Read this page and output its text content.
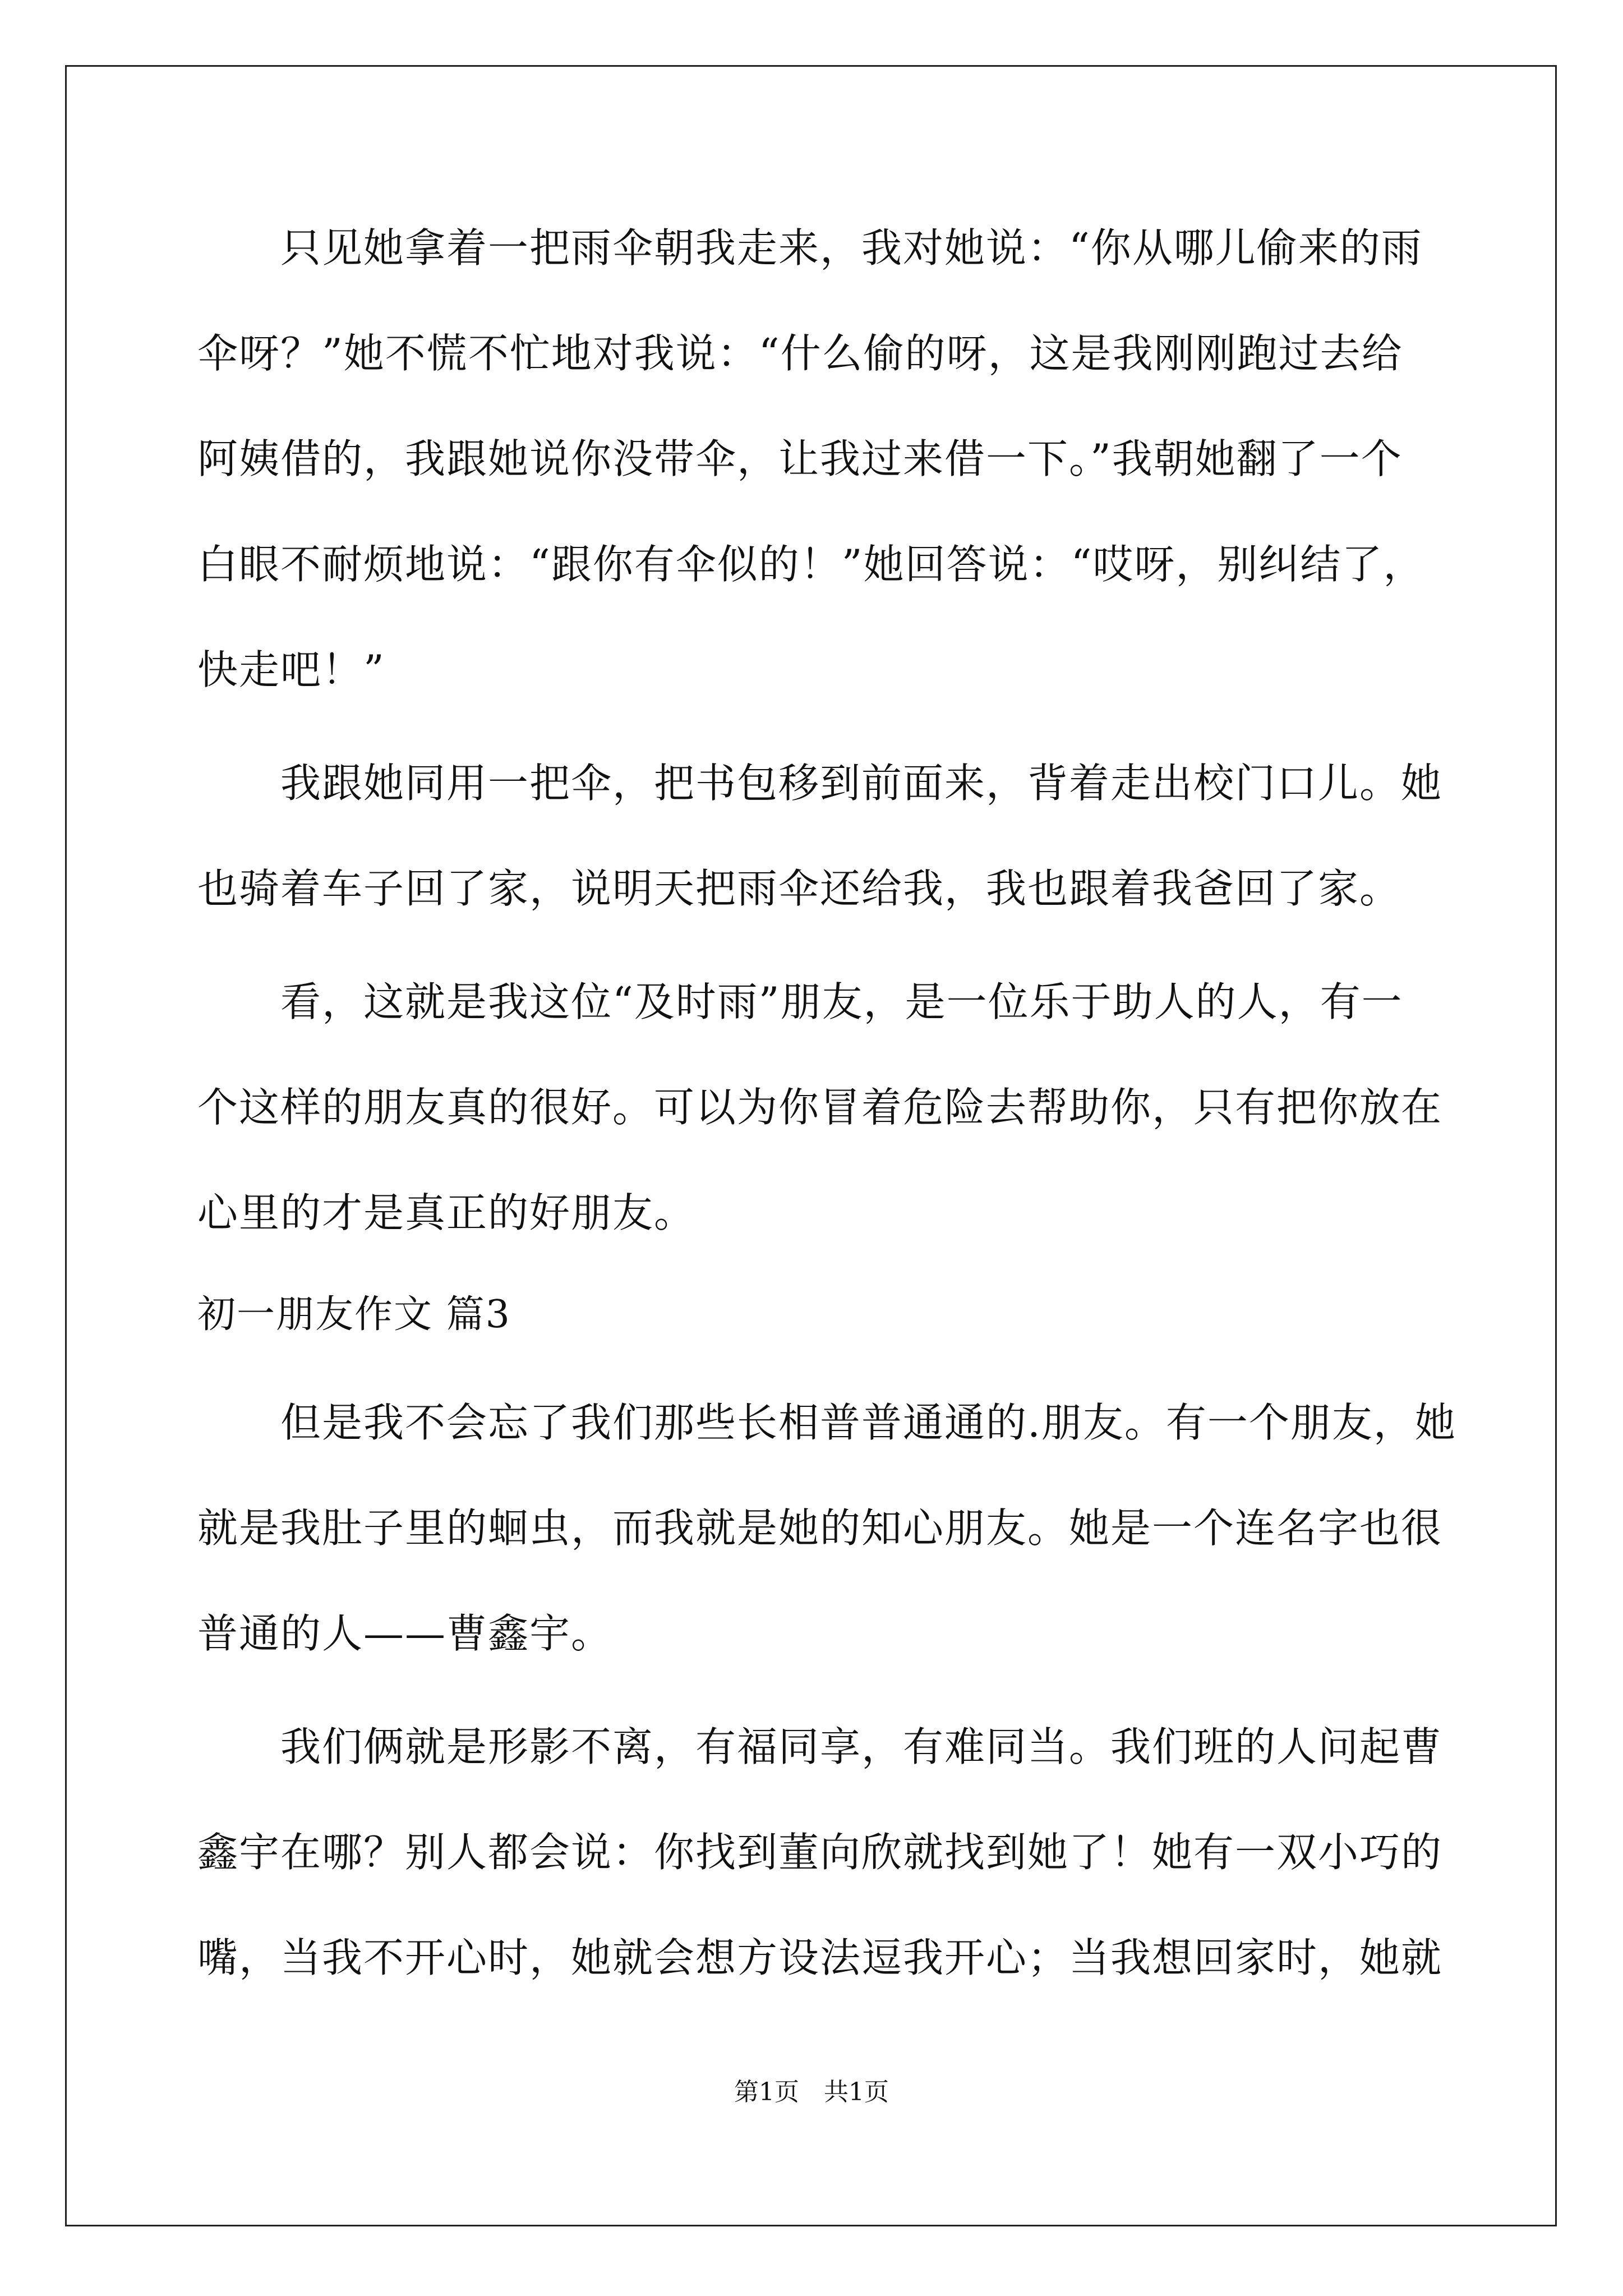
只见她拿着一把雨伞朝我走来，我对她说：“你从哪儿偷来的雨
伞呀？”她不慌不忙地对我说：“什么偷的呀，这是我刚刚跑过去给
阿姨借的，我跟她说你没带伞，让我过来借一下。”我朝她翻了一个
白眼不耐烦地说：“跟你有伞似的！”她回答说：“哎呀，别纠结了，
快走吧！”
我跟她同用一把伞，把书包移到前面来，背着走出校门口儿。她
也骑着车子回了家，说明天把雨伞还给我，我也跟着我爸回了家。
看，这就是我这位“及时雨”朋友，是一位乐于助人的人，有一
个这样的朋友真的很好。可以为你冒着危险去帮助你，只有把你放在
心里的才是真正的好朋友。
初一朋友作文 篇3
但是我不会忘了我们那些长相普普通通的.朋友。有一个朋友，她
就是我肚子里的蛔虫，而我就是她的知心朋友。她是一个连名字也很
普通的人——曹鑫宇。
我们俩就是形影不离，有福同享，有难同当。我们班的人问起曹
鑫宇在哪？别人都会说：你找到董向欣就找到她了！她有一双小巧的
嘴，当我不开心时，她就会想方设法逗我开心；当我想回家时，她就
第1页　共1页
